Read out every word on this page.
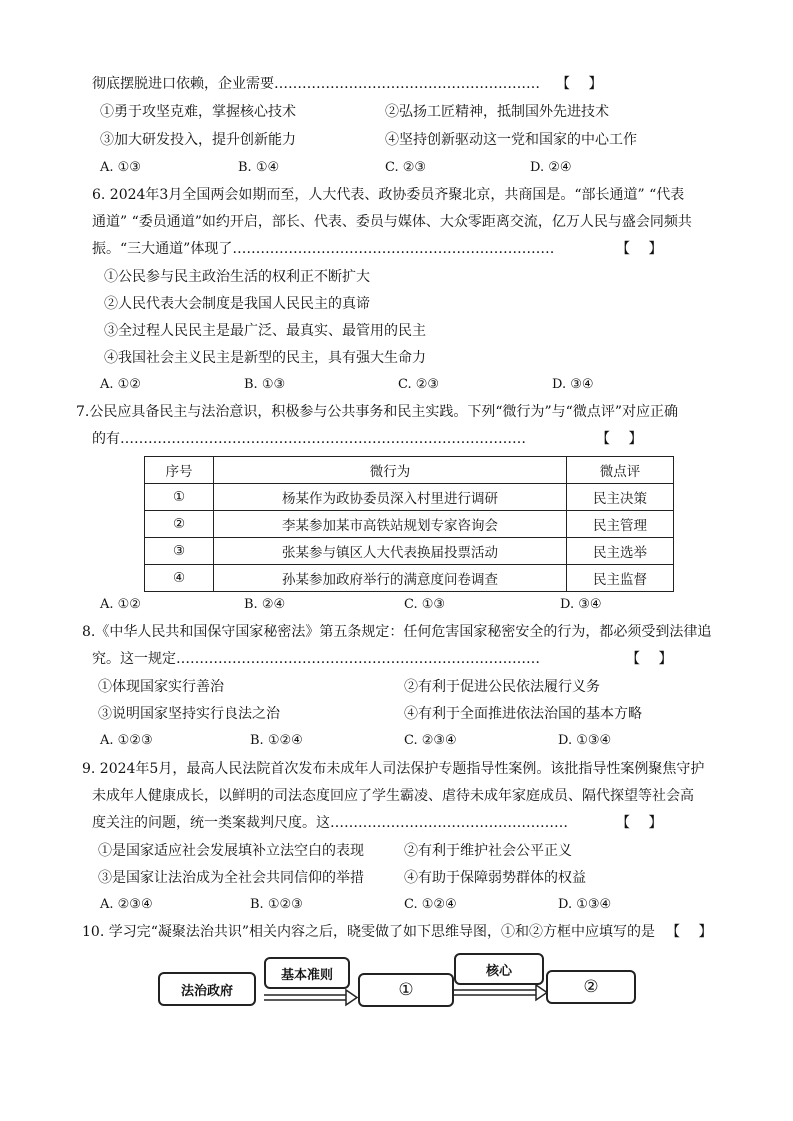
彻底摆脱进口依赖，企业需要………………………………………………… 【　 】
①勇于攻坚克难，掌握核心技术	②弘扬工匠精神，抵制国外先进技术
③加大研发投入，提升创新能力	④坚持创新驱动这一党和国家的中心工作
A. ①③	B. ①④	C. ②③	D. ②④
6. 2024年3月全国两会如期而至，人大代表、政协委员齐聚北京，共商国是。“部长通道” “代表
通道” “委员通道”如约开启，部长、代表、委员与媒体、大众零距离交流，亿万人民与盛会同频共
振。“三大通道”体现了……………………………………………………………	【　 】
①公民参与民主政治生活的权利正不断扩大
②人民代表大会制度是我国人民民主的真谛
③全过程人民民主是最广泛、最真实、最管用的民主
④我国社会主义民主是新型的民主，具有强大生命力
A. ①②	B. ①③	C. ②③	D. ③④
7.公民应具备民主与法治意识，积极参与公共事务和民主实践。下列“微行为”与“微点评”对应正确
的有……………………………………………………………………………	【　 】
序号	微行为	微点评
①	杨某作为政协委员深入村里进行调研	民主决策
②	李某参加某市高铁站规划专家咨询会	民主管理
③	张某参与镇区人大代表换届投票活动	民主选举
④	孙某参加政府举行的满意度问卷调查	民主监督
A. ①②	B. ②④	C. ①③	D. ③④
8.《中华人民共和国保守国家秘密法》第五条规定：任何危害国家秘密安全的行为，都必须受到法律追
究。这一规定……………………………………………………………………	【　 】
①体现国家实行善治	②有利于促进公民依法履行义务
③说明国家坚持实行良法之治	④有利于全面推进依法治国的基本方略
A. ①②③	B. ①②④	C. ②③④	D. ①③④
9. 2024年5月，最高人民法院首次发布未成年人司法保护专题指导性案例。该批指导性案例聚焦守护
未成年人健康成长，以鲜明的司法态度回应了学生霸凌、虐待未成年家庭成员、隔代探望等社会高
度关注的问题，统一类案裁判尺度。这……………………………………………	【　 】
①是国家适应社会发展填补立法空白的表现	②有利于维护社会公平正义
③是国家让法治成为全社会共同信仰的举措	④有助于保障弱势群体的权益
A. ②③④	B. ①②③	C. ①②④	D. ①③④
10. 学习完“凝聚法治共识”相关内容之后，晓雯做了如下思维导图，①和②方框中应填写的是 【　 】
法治政府
基本准则
①
核心
②
